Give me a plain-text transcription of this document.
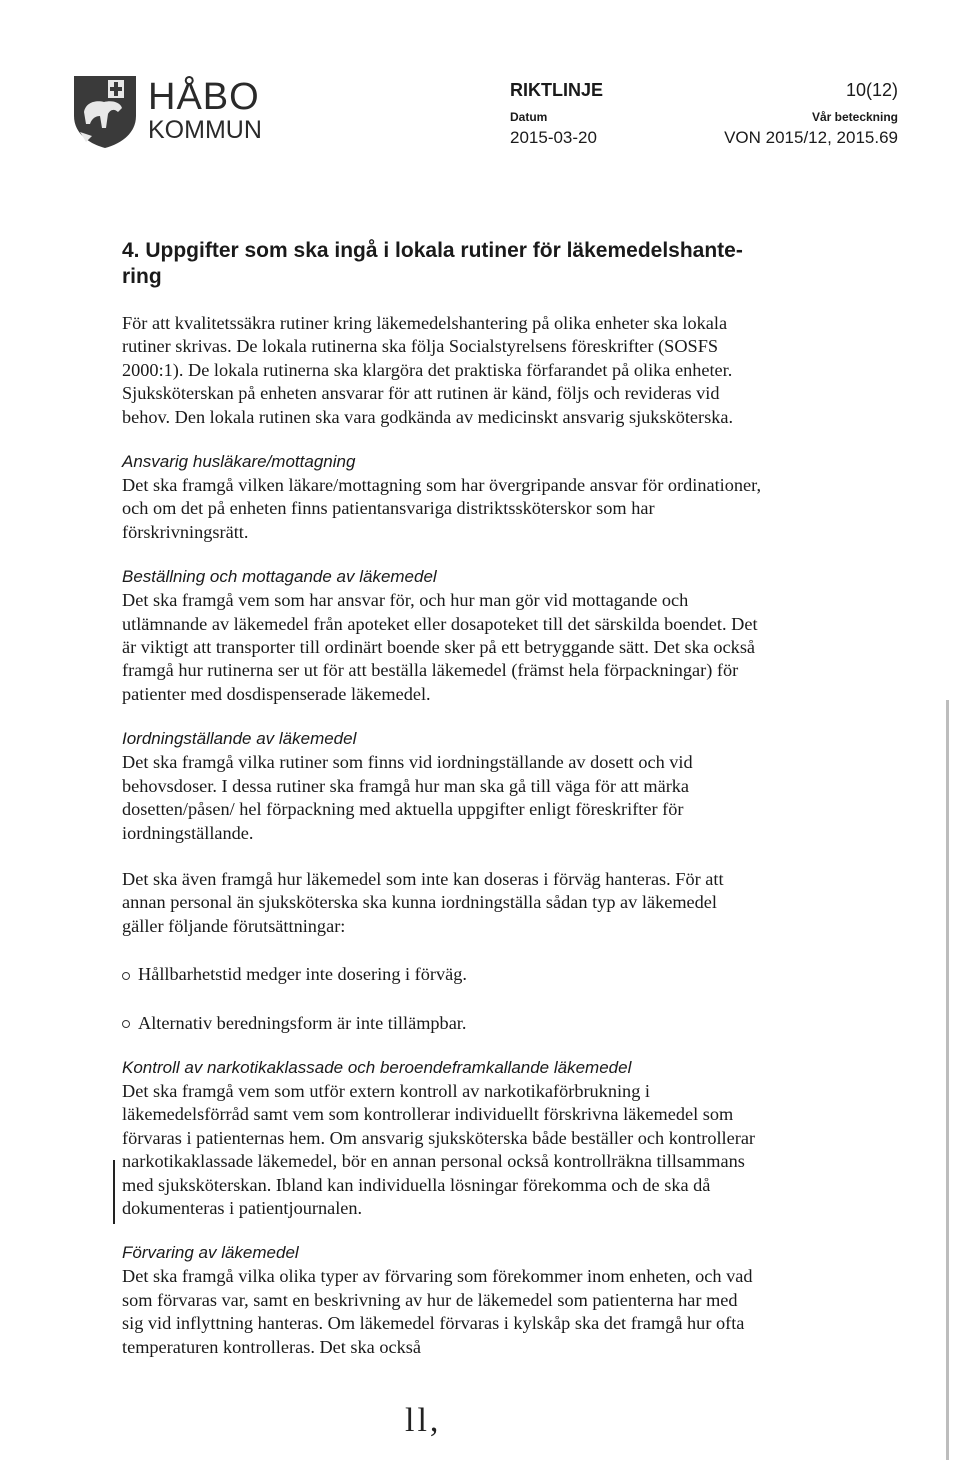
HÅBO
KOMMUN
RIKTLINJE	10(12)
Datum
2015-03-20
Vår beteckning
VON 2015/12, 2015.69
4. Uppgifter som ska ingå i lokala rutiner för läkemedelshante-ring

För att kvalitetssäkra rutiner kring läkemedelshantering på olika enheter ska lokala rutiner skrivas. De lokala rutinerna ska följa Socialstyrelsens föreskrifter (SOSFS 2000:1). De lokala rutinerna ska klargöra det praktiska förfarandet på olika enheter. Sjuksköterskan på enheten ansvarar för att rutinen är känd, följs och revideras vid behov. Den lokala rutinen ska vara godkända av medicinskt ansvarig sjuksköterska.

Ansvarig husläkare/mottagning

Det ska framgå vilken läkare/mottagning som har övergripande ansvar för ordinationer, och om det på enheten finns patientansvariga distriktssköterskor som har förskrivningsrätt.

Beställning och mottagande av läkemedel

Det ska framgå vem som har ansvar för, och hur man gör vid mottagande och utlämnande av läkemedel från apoteket eller dosapoteket till det särskilda boendet. Det är viktigt att transporter till ordinärt boende sker på ett betryggande sätt. Det ska också framgå hur rutinerna ser ut för att beställa läkemedel (främst hela förpackningar) för patienter med dosdispenserade läkemedel.

Iordningställande av läkemedel

Det ska framgå vilka rutiner som finns vid iordningställande av dosett och vid behovsdoser. I dessa rutiner ska framgå hur man ska gå till väga för att märka dosetten/påsen/ hel förpackning med aktuella uppgifter enligt föreskrifter för iordningställande.

Det ska även framgå hur läkemedel som inte kan doseras i förväg hanteras. För att annan personal än sjuksköterska ska kunna iordningställa sådan typ av läkemedel gäller följande förutsättningar:

Hållbarhetstid medger inte dosering i förväg.
Alternativ beredningsform är inte tillämpbar.

Kontroll av narkotikaklassade och beroendeframkallande läkemedel

Det ska framgå vem som utför extern kontroll av narkotikaförbrukning i läkemedelsförråd samt vem som kontrollerar individuellt förskrivna läkemedel som förvaras i patienternas hem. Om ansvarig sjuksköterska både beställer och kontrollerar narkotikaklassade läkemedel, bör en annan personal också kontrollräkna tillsammans med sjuksköterskan. Ibland kan individuella lösningar förekomma och de ska då dokumenteras i patientjournalen.

Förvaring av läkemedel

Det ska framgå vilka olika typer av förvaring som förekommer inom enheten, och vad som förvaras var, samt en beskrivning av hur de läkemedel som patienterna har med sig vid inflyttning hanteras. Om läkemedel förvaras i kylskåp ska det framgå hur ofta temperaturen kontrolleras. Det ska också

ll,
